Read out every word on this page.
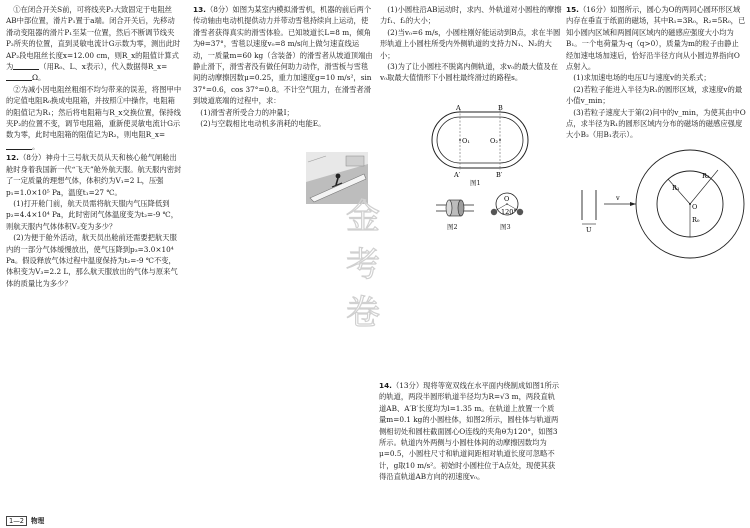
①在闭合开关S前，可将线夹P₂大致固定于电阻丝AB中部位置，滑片P₁置于a端。闭合开关后，先移动滑动变阻器的滑片P₁至某一位置，然后不断调节线夹P₂所夹的位置，直到灵敏电流计G示数为零，测出此时AP₂段电阻丝长度x=12.00 cm，则R_x的阻值计算式为	（用R₀、L、x表示），代入数据得R_x=Ω。

②为减小因电阻丝粗细不均匀带来的误差，将图甲中的定值电阻R₀换成电阻箱，并按照①中操作，电阻箱的阻值记为R₁；然后将电阻箱与R_x交换位置，保持线夹P₂的位置不变，调节电阻箱，重新使灵敏电流计G示数为零，此时电阻箱的阻值记为R₂，则电阻R_x=。

12.（8分）神舟十三号航天员从天和核心舱气闸舱出舱时身着我国新一代“飞天”舱外航天服。航天服内密封了一定质量的理想气体，体积约为V₁=2 L，压强p₁=1.0×10⁵ Pa，温度t₁=27 ℃。

(1)打开舱门前，航天员需将航天服内气压降低到p₂=4.4×10⁴ Pa，此时密闭气体温度变为t₂=-9 ℃，则航天服内气体体积V₂变为多少？

(2)为便于舱外活动，航天员出舱前还需要把航天服内的一部分气体缓慢放出，使气压降到p₃=3.0×10⁴ Pa。假设释放气体过程中温度保持为t₂=-9 ℃不变，体积变为V₃=2.2 L，那么航天服放出的气体与原来气体的质量比为多少？

13.（8分）如图为某室内模拟滑雪机，机器的前后两个传动轴由电动机提供动力并带动雪毯持续向上运动，使滑雪者获得真实的滑雪体验。已知坡道长L=8 m，倾角为θ=37°，雪毯以速度v₀=8 m/s向上做匀速直线运动，一质量m=60 kg（含装备）的滑雪者从坡道顶端由静止滑下，滑雪者没有做任何助力动作，滑雪板与雪毯间的动摩擦因数μ=0.25，重力加速度g=10 m/s²，sin 37°=0.6，cos 37°=0.8。不计空气阻力，在滑雪者滑到坡道底端的过程中，求：

(1)滑雪者所受合力的冲量I；

(2)与空载相比电动机多消耗的电能E。

金
考
卷

(1)小圆柱沿AB运动时，求内、外轨道对小圆柱的摩擦力f₁、f₂的大小；

(2)当v₀=6 m/s，小圆柱刚好能运动到B点，求在半圆形轨道上小圆柱所受内外侧轨道的支持力N₁、N₂的大小；

(3)为了让小圆柱不脱离内侧轨道，求v₀的最大值及在v₀取最大值情形下小圆柱最终滑过的路程s。

14.（13分）现将等宽双线在水平面内绕制成如图1所示的轨道，两段半圆形轨道半径均为R=√3 m，两段直轨道AB、A′B′长度均为l=1.35 m。在轨道上放置一个质量m=0.1 kg的小圆柱体，如图2所示，圆柱体与轨道两侧相切处和圆柱截面圆心O连线的夹角θ为120°，如图3所示。轨道内外两侧与小圆柱体间的动摩擦因数均为μ=0.5，小圆柱尺寸和轨道间距相对轨道长度可忽略不计，g取10 m/s²。初始时小圆柱位于A点处，现使其获得沿直轨道AB方向的初速度v₀。

A	B
A′	B′
O₁	O₂
图1
图2
O
120°
图3

15.（16分）如图所示，圆心为O的两同心圆环形区域内存在垂直于纸面的磁场，其中R₁=3R₀，R₂=5R₀，已知小圆内区域和两圆间区域内的磁感应强度大小均为B₁。一个电荷量为-q（q>0），质量为m的粒子由静止经加速电场加速后，恰好沿半径方向从小圆边界指向O点射入。

(1)求加速电场的电压U与速度v的关系式；

(2)若粒子能进入半径为R₁的圆形区域，求速度v的最小值v_min；

(3)若粒子速度大于第(2)问中的v_min，为使其由中O点，求半径为R₁的圆形区域内分布的磁场的磁感应强度大小B₂（用B₁表示）。

R₁
R₂
R₀
O
U
v
1—2 物理
